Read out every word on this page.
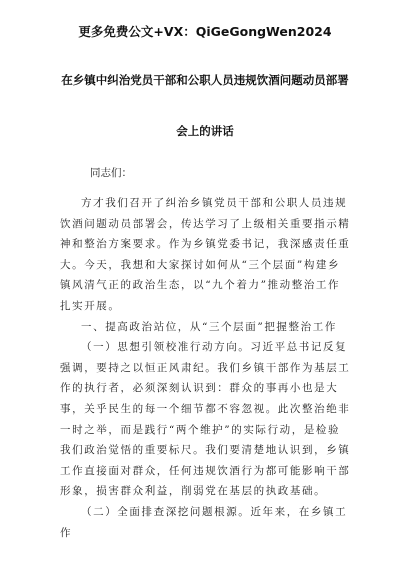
更多免费公文+VX：QiGeGongWen2024
在乡镇中纠治党员干部和公职人员违规饮酒问题动员部署
会上的讲话
同志们：

方才我们召开了纠治乡镇党员干部和公职人员违规饮酒问题动员部署会，传达学习了上级相关重要指示精神和整治方案要求。作为乡镇党委书记，我深感责任重大。今天，我想和大家探讨如何从“三个层面”构建乡镇风清气正的政治生态，以“九个着力”推动整治工作扎实开展。

一、提高政治站位，从“三个层面”把握整治工作

（一）思想引领校准行动方向。习近平总书记反复强调，要持之以恒正风肃纪。我们乡镇干部作为基层工作的执行者，必须深刻认识到：群众的事再小也是大事，关乎民生的每一个细节都不容忽视。此次整治绝非一时之举，而是践行“两个维护”的实际行动，是检验我们政治觉悟的重要标尺。我们要清楚地认识到，乡镇工作直接面对群众，任何违规饮酒行为都可能影响干部形象，损害群众利益，削弱党在基层的执政基础。

（二）全面排查深挖问题根源。近年来，在乡镇工作
